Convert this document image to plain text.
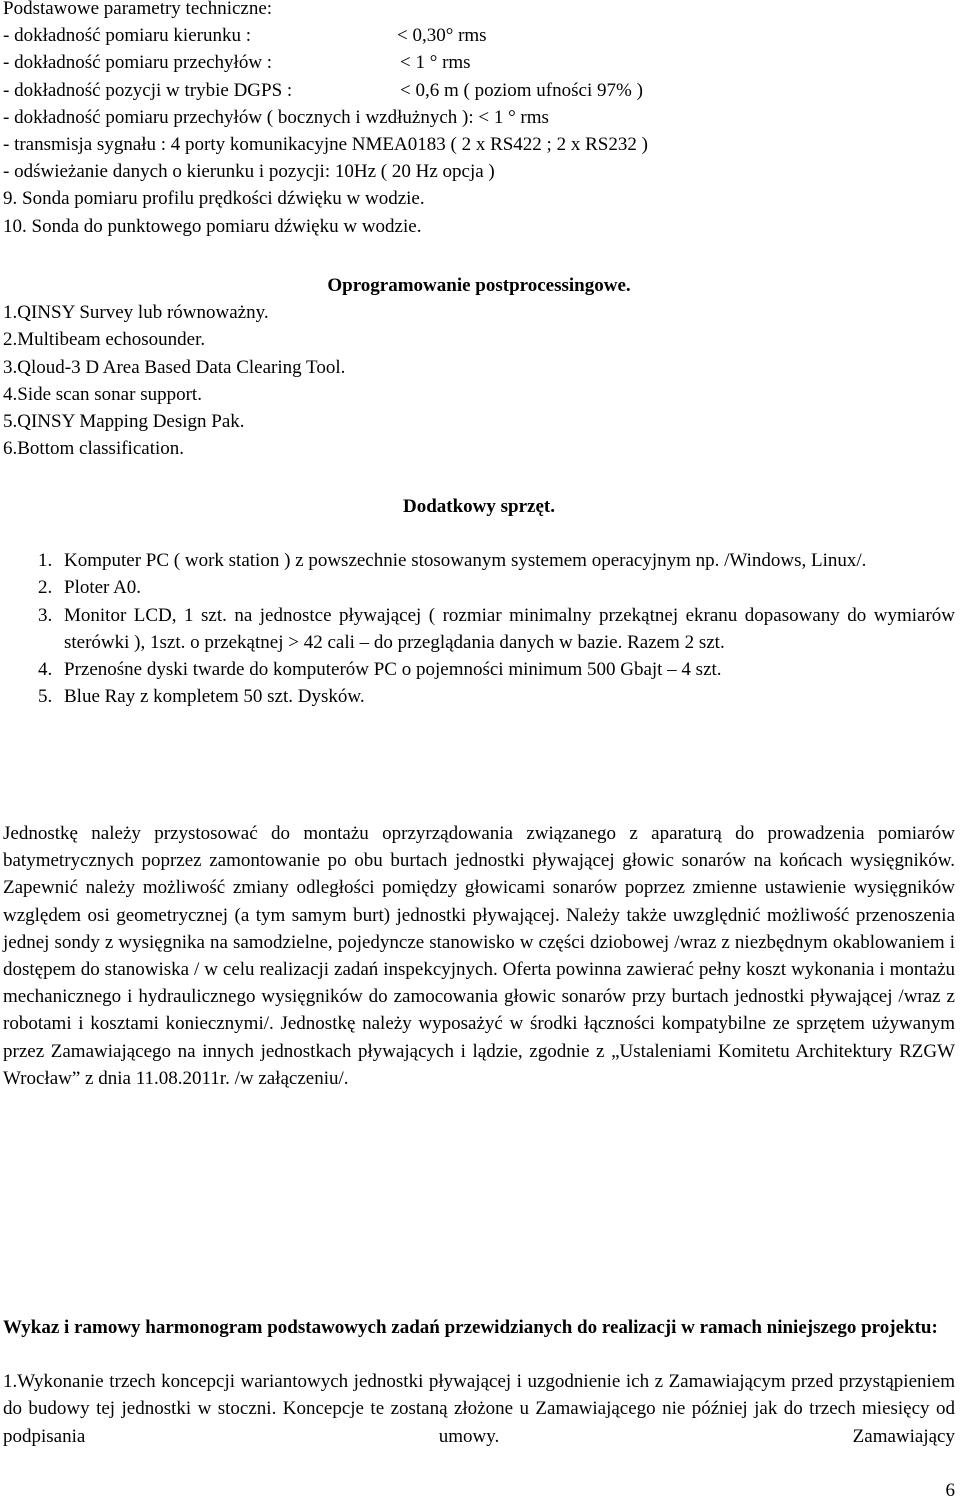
Podstawowe parametry techniczne:

- dokładność pomiaru kierunku :	< 0,30° rms

- dokładność pomiaru przechyłów :	< 1 ° rms

- dokładność pozycji w trybie DGPS :	< 0,6 m ( poziom ufności 97% )

- dokładność pomiaru przechyłów ( bocznych i wzdłużnych ): < 1 ° rms

- transmisja sygnału : 4 porty komunikacyjne NMEA0183 ( 2 x RS422 ; 2 x RS232 )

- odświeżanie danych o kierunku i pozycji: 10Hz ( 20 Hz opcja )

9. Sonda pomiaru profilu prędkości dźwięku w wodzie.

10. Sonda do punktowego pomiaru dźwięku w wodzie.

Oprogramowanie postprocessingowe.

1.QINSY Survey lub równoważny.

2.Multibeam echosounder.

3.Qloud-3 D Area Based Data Clearing Tool.

4.Side scan sonar support.

5.QINSY Mapping Design Pak.

6.Bottom classification.

Dodatkowy sprzęt.

1. Komputer PC ( work station ) z powszechnie stosowanym systemem operacyjnym np. /Windows, Linux/.
2. Ploter A0.
3. Monitor LCD, 1 szt. na jednostce pływającej ( rozmiar minimalny przekątnej ekranu dopasowany do wymiarów sterówki ), 1szt. o przekątnej > 42 cali – do przeglądania danych w bazie. Razem 2 szt.
4. Przenośne dyski twarde do komputerów PC o pojemności minimum 500 Gbajt – 4 szt.
5. Blue Ray z kompletem 50 szt. Dysków.

Jednostkę należy przystosować do montażu oprzyrządowania związanego z aparaturą do prowadzenia pomiarów batymetrycznych poprzez zamontowanie po obu burtach jednostki pływającej głowic sonarów na końcach wysięgników. Zapewnić należy możliwość zmiany odległości pomiędzy głowicami sonarów poprzez zmienne ustawienie wysięgników względem osi geometrycznej (a tym samym burt) jednostki pływającej. Należy także uwzględnić możliwość przenoszenia jednej sondy z wysięgnika na samodzielne, pojedyncze stanowisko w części dziobowej /wraz z niezbędnym okablowaniem i dostępem do stanowiska / w celu realizacji zadań inspekcyjnych. Oferta powinna zawierać pełny koszt wykonania i montażu mechanicznego i hydraulicznego wysięgników do zamocowania głowic sonarów przy burtach jednostki pływającej /wraz z robotami i kosztami koniecznymi/. Jednostkę należy wyposażyć w środki łączności kompatybilne ze sprzętem używanym przez Zamawiającego na innych jednostkach pływających i lądzie, zgodnie z „Ustaleniami Komitetu Architektury RZGW Wrocław” z dnia 11.08.2011r. /w załączeniu/.

Wykaz i ramowy harmonogram podstawowych zadań przewidzianych do realizacji w ramach niniejszego projektu:

1.Wykonanie trzech koncepcji wariantowych jednostki pływającej i uzgodnienie ich z Zamawiającym przed przystąpieniem do budowy tej jednostki w stoczni. Koncepcje te zostaną złożone u Zamawiającego nie później jak do trzech miesięcy od podpisania umowy. Zamawiający

6
